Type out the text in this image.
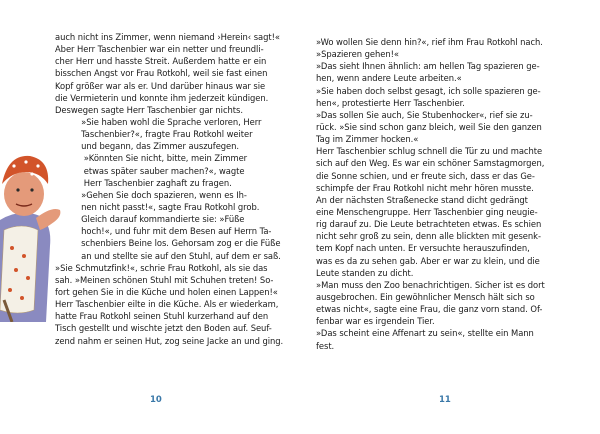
auch nicht ins Zimmer, wenn niemand ›Herein‹ sagt!«
Aber Herr Taschenbier war ein netter und freundli-
cher Herr und hasste Streit. Außerdem hatte er ein
bisschen Angst vor Frau Rotkohl, weil sie fast einen
Kopf größer war als er. Und darüber hinaus war sie
die Vermieterin und konnte ihm jederzeit kündigen.
Deswegen sagte Herr Taschenbier gar nichts.
»Sie haben wohl die Sprache verloren, Herr
Taschenbier?«, fragte Frau Rotkohl weiter
und begann, das Zimmer auszufegen.
»Könnten Sie nicht, bitte, mein Zimmer
etwas später sauber machen?«, wagte
Herr Taschenbier zaghaft zu fragen.
»Gehen Sie doch spazieren, wenn es Ih-
nen nicht passt!«, sagte Frau Rotkohl grob.
Gleich darauf kommandierte sie: »Füße
hoch!«, und fuhr mit dem Besen auf Herrn Ta-
schenbiers Beine los. Gehorsam zog er die Füße
an und stellte sie auf den Stuhl, auf dem er saß.
»Sie Schmutzfink!«, schrie Frau Rotkohl, als sie das
sah. »Meinen schönen Stuhl mit Schuhen treten! So-
fort gehen Sie in die Küche und holen einen Lappen!«
Herr Taschenbier eilte in die Küche. Als er wiederkam,
hatte Frau Rotkohl seinen Stuhl kurzerhand auf den
Tisch gestellt und wischte jetzt den Boden auf. Seuf-
zend nahm er seinen Hut, zog seine Jacke an und ging.
10
»Wo wollen Sie denn hin?«, rief ihm Frau Rotkohl nach.
»Spazieren gehen!«
»Das sieht Ihnen ähnlich: am hellen Tag spazieren ge-
hen, wenn andere Leute arbeiten.«
»Sie haben doch selbst gesagt, ich solle spazieren ge-
hen«, protestierte Herr Taschenbier.
»Das sollen Sie auch, Sie Stubenhocker«, rief sie zu-
rück. »Sie sind schon ganz bleich, weil Sie den ganzen
Tag im Zimmer hocken.«
Herr Taschenbier schlug schnell die Tür zu und machte
sich auf den Weg. Es war ein schöner Samstagmorgen,
die Sonne schien, und er freute sich, dass er das Ge-
schimpfe der Frau Rotkohl nicht mehr hören musste.
An der nächsten Straßenecke stand dicht gedrängt
eine Menschengruppe. Herr Taschenbier ging neugie-
rig darauf zu. Die Leute betrachteten etwas. Es schien
nicht sehr groß zu sein, denn alle blickten mit gesenk-
tem Kopf nach unten. Er versuchte herauszufinden,
was es da zu sehen gab. Aber er war zu klein, und die
Leute standen zu dicht.
»Man muss den Zoo benachrichtigen. Sicher ist es dort
ausgebrochen. Ein gewöhnlicher Mensch hält sich so
etwas nicht«, sagte eine Frau, die ganz vorn stand. Of-
fenbar war es irgendein Tier.
»Das scheint eine Affenart zu sein«, stellte ein Mann
fest.
11
